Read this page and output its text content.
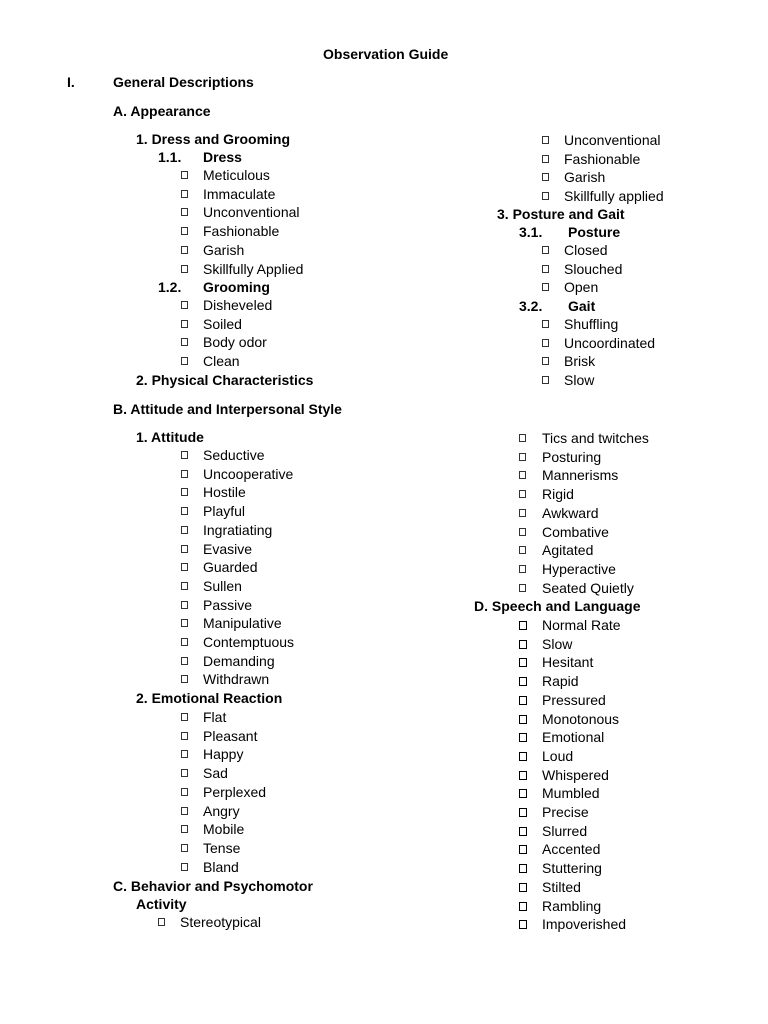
Observation Guide
I.	General Descriptions
A. Appearance
1. Dress and Grooming
1.1. Dress
Meticulous
Immaculate
Unconventional
Fashionable
Garish
Skillfully Applied
1.2. Grooming
Disheveled
Soiled
Body odor
Clean
2. Physical Characteristics
Unconventional
Fashionable
Garish
Skillfully applied
3. Posture and Gait
3.1. Posture
Closed
Slouched
Open
3.2. Gait
Shuffling
Uncoordinated
Brisk
Slow
B. Attitude and Interpersonal Style
1. Attitude
Seductive
Uncooperative
Hostile
Playful
Ingratiating
Evasive
Guarded
Sullen
Passive
Manipulative
Contemptuous
Demanding
Withdrawn
2. Emotional Reaction
Flat
Pleasant
Happy
Sad
Perplexed
Angry
Mobile
Tense
Bland
C. Behavior and Psychomotor
Activity
Stereotypical
Tics and twitches
Posturing
Mannerisms
Rigid
Awkward
Combative
Agitated
Hyperactive
Seated Quietly
D. Speech and Language
Normal Rate
Slow
Hesitant
Rapid
Pressured
Monotonous
Emotional
Loud
Whispered
Mumbled
Precise
Slurred
Accented
Stuttering
Stilted
Rambling
Impoverished
